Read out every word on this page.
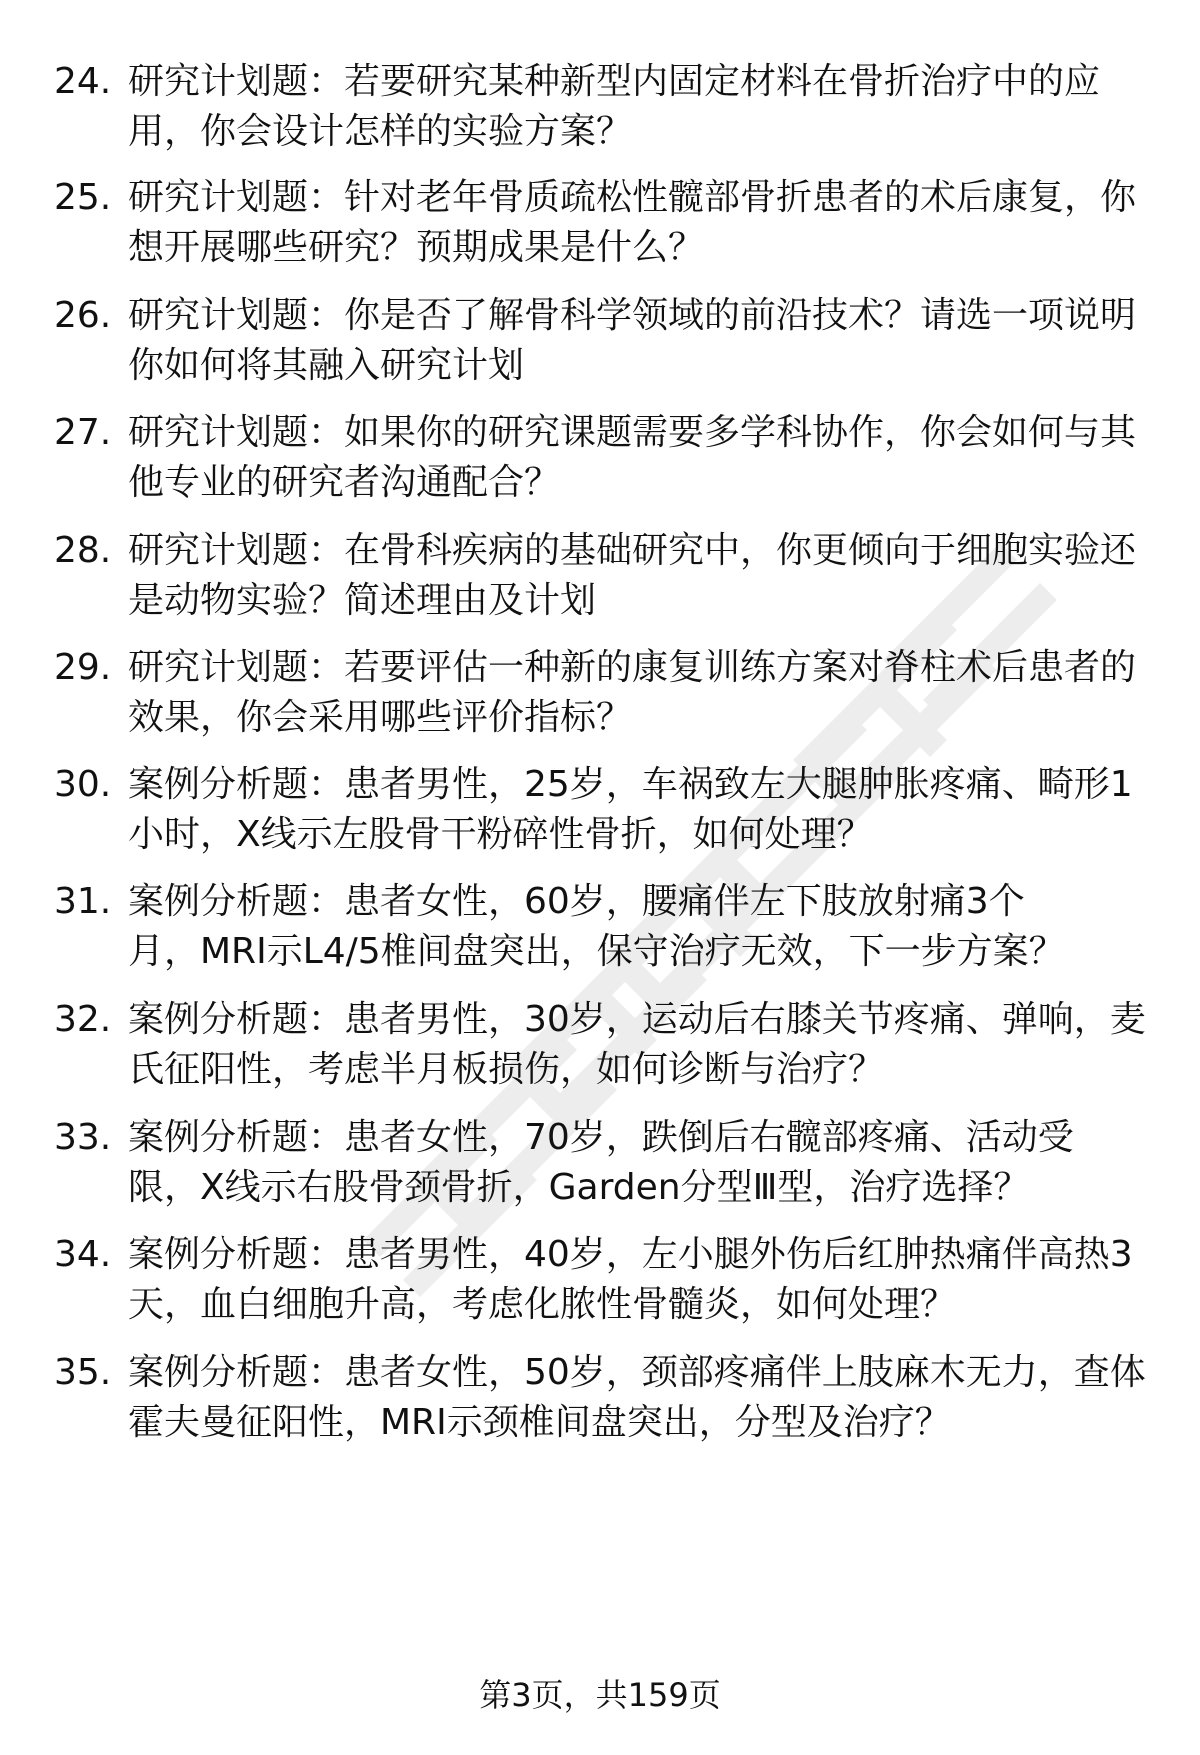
24. 研究计划题：若要研究某种新型内固定材料在骨折治疗中的应
用，你会设计怎样的实验方案？
25. 研究计划题：针对老年骨质疏松性髋部骨折患者的术后康复，你
想开展哪些研究？预期成果是什么？
26. 研究计划题：你是否了解骨科学领域的前沿技术？请选一项说明
你如何将其融入研究计划
27. 研究计划题：如果你的研究课题需要多学科协作，你会如何与其
他专业的研究者沟通配合？
28. 研究计划题：在骨科疾病的基础研究中，你更倾向于细胞实验还
是动物实验？简述理由及计划
29. 研究计划题：若要评估一种新的康复训练方案对脊柱术后患者的
效果，你会采用哪些评价指标？
30. 案例分析题：患者男性，25岁，车祸致左大腿肿胀疼痛、畸形1
小时，X线示左股骨干粉碎性骨折，如何处理？
31. 案例分析题：患者女性，60岁，腰痛伴左下肢放射痛3个
月，MRI示L4/5椎间盘突出，保守治疗无效，下一步方案？
32. 案例分析题：患者男性，30岁，运动后右膝关节疼痛、弹响，麦
氏征阳性，考虑半月板损伤，如何诊断与治疗？
33. 案例分析题：患者女性，70岁，跌倒后右髋部疼痛、活动受
限，X线示右股骨颈骨折，Garden分型Ⅲ型，治疗选择？
34. 案例分析题：患者男性，40岁，左小腿外伤后红肿热痛伴高热3
天，血白细胞升高，考虑化脓性骨髓炎，如何处理？
35. 案例分析题：患者女性，50岁，颈部疼痛伴上肢麻木无力，查体
霍夫曼征阳性，MRI示颈椎间盘突出，分型及治疗？
第3页，共159页
